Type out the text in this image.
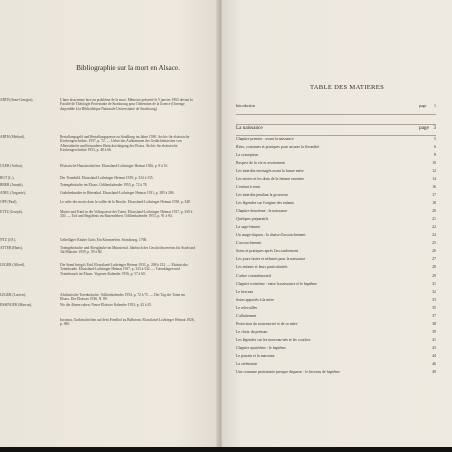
Bibliographie sur la mort en Alsace.
ARTH (Jean-Georges),	L'âme alsacienne face au problème de la mort. Mémoire présenté le 5 janvier 1965 devant la Faculté de Théologie Protestante de Strasbourg pour l'obtention de la licence (Ouvrage disponible à la Bibliothèque Nationale Universitaire de Strasbourg).
ARTH (Médard),	Bestallungsgeld und Bestallungspreise zu Straßburg im Jahre 1598. Archiv für elsässische Kirchengeschichte, 1937, p. 72. — Ueber das Aufkommen der Gedächtnisseiten von Alberstdorfer und besonderer Berücksichtigung des Elsass. Archiv für elsässische Kirchengeschichte 1953, p. 48 à 66.
ULER (Arthur),	Elsässische Hausinschriften. Elsassland-Lothringer Heimat 1926, p. 8 à 10.
BUT (L.),	Der Totenbild. Elsassland-Lothringer Heimat 1939, p. 334 à 335.
RBER (Joseph),	Totengebräuche im Elsass. Odilienkalender 1953, p. 72 à 78.
ANEL (Auguste),	Grabdenkmäler in Bärenthal. Elsassland-Lothringer Heimat 1931, p. 285 à 286.
OPF (Paul),	Le culte des morts dans la vallée de la Bruche. Elsassland-Lothringer Heimat 1938, p. 348.
ETTZ (Joseph),	Mutter und Kind in der Volkspoesie der Toten. Elsassland-Lothringer Heimat 1937, p. 339 à 330. — Tod und Begräbnis im Bauernleben. Odilienkalender 1953, p. 91 à 94.
NTZ (J.F.),	Geheiligter Kinder Gotts Ein Kimmerlein. Strasbourg, 1768.
ATTER (Hans),	Totengebräuche und Aberglaube im Münstertal. Jahrbuch des Geschichtsvereins für Stadt und Tal Münster 1939, p. 59 à 80.
LEGER (Alfred),	Die Stand bringt's End. Elsassland-Lothringer Heimat 1933, p. 208 à 212. — Elsässische Totenkonde. Elsassland-Lothringer Heimat 1937, p. 333 à 332. — Totenklagen und Totenbrauch im Elsass. Vogesen-Kalender 1936, p. 57 à 60.
LEGER (Lucien),	Alsthistische Totenbräuche. Odilienkalender 1954, p. 72 à 75. — Der Tag der Toten im Elsass. Der Elsässer 1936, N. 89.
ESSINGER (Marcus),	Wo die Ahnen ruhen. Neuer Elsässer Kalender 1953, p. 43 à 45.
Inconnu, Grabinschriften auf dem Friedhof zu Balbronn. Elsassland-Lothringer Heimat 1926, p. 380.
TABLE DES MATIERES
Introduction	page 1
La naissance	page 3
Chapitre premier : avant la naissance	5
Rites, coutumes et pratiques pour assurer la fécondité	6
La conception	8
Respect de la vie et avortement	10
Les interdits envisagés avant la future mère	12
Les envies et les dons de la femme enceinte	14
L'enfant à venir	16
Les interdits pendant la grossesse	17
Les légendes sur l'origine des enfants	18
Chapitre deuxième : la naissance	20
Quelques préparatifs	21
La sage-femme	22
Un usage disparu : la chaise d'accouchement	24
L'accouchement	25
Soins et pratiques après l'accouchement	26
Les jours fastes et néfastes pour la naissance	27
Les enfants et leurs particularités	28
L'arbre commémoratif	29
Chapitre troisième : entre la naissance et le baptême	31
Le berceau	32
Soins apportés à la mère	33
Le relevailles	35
L'allaitement	37
Protection du nouveau-né et de sa mère	38
Le choix du prénom	39
Les légendes sur les nouveau-nés et les couches	41
Chapitre quatrième : le baptême	43
Le parrain et la marraine	44
La cérémonie	46
Une coutume protestante presque disparue : le berceau de baptême	49
